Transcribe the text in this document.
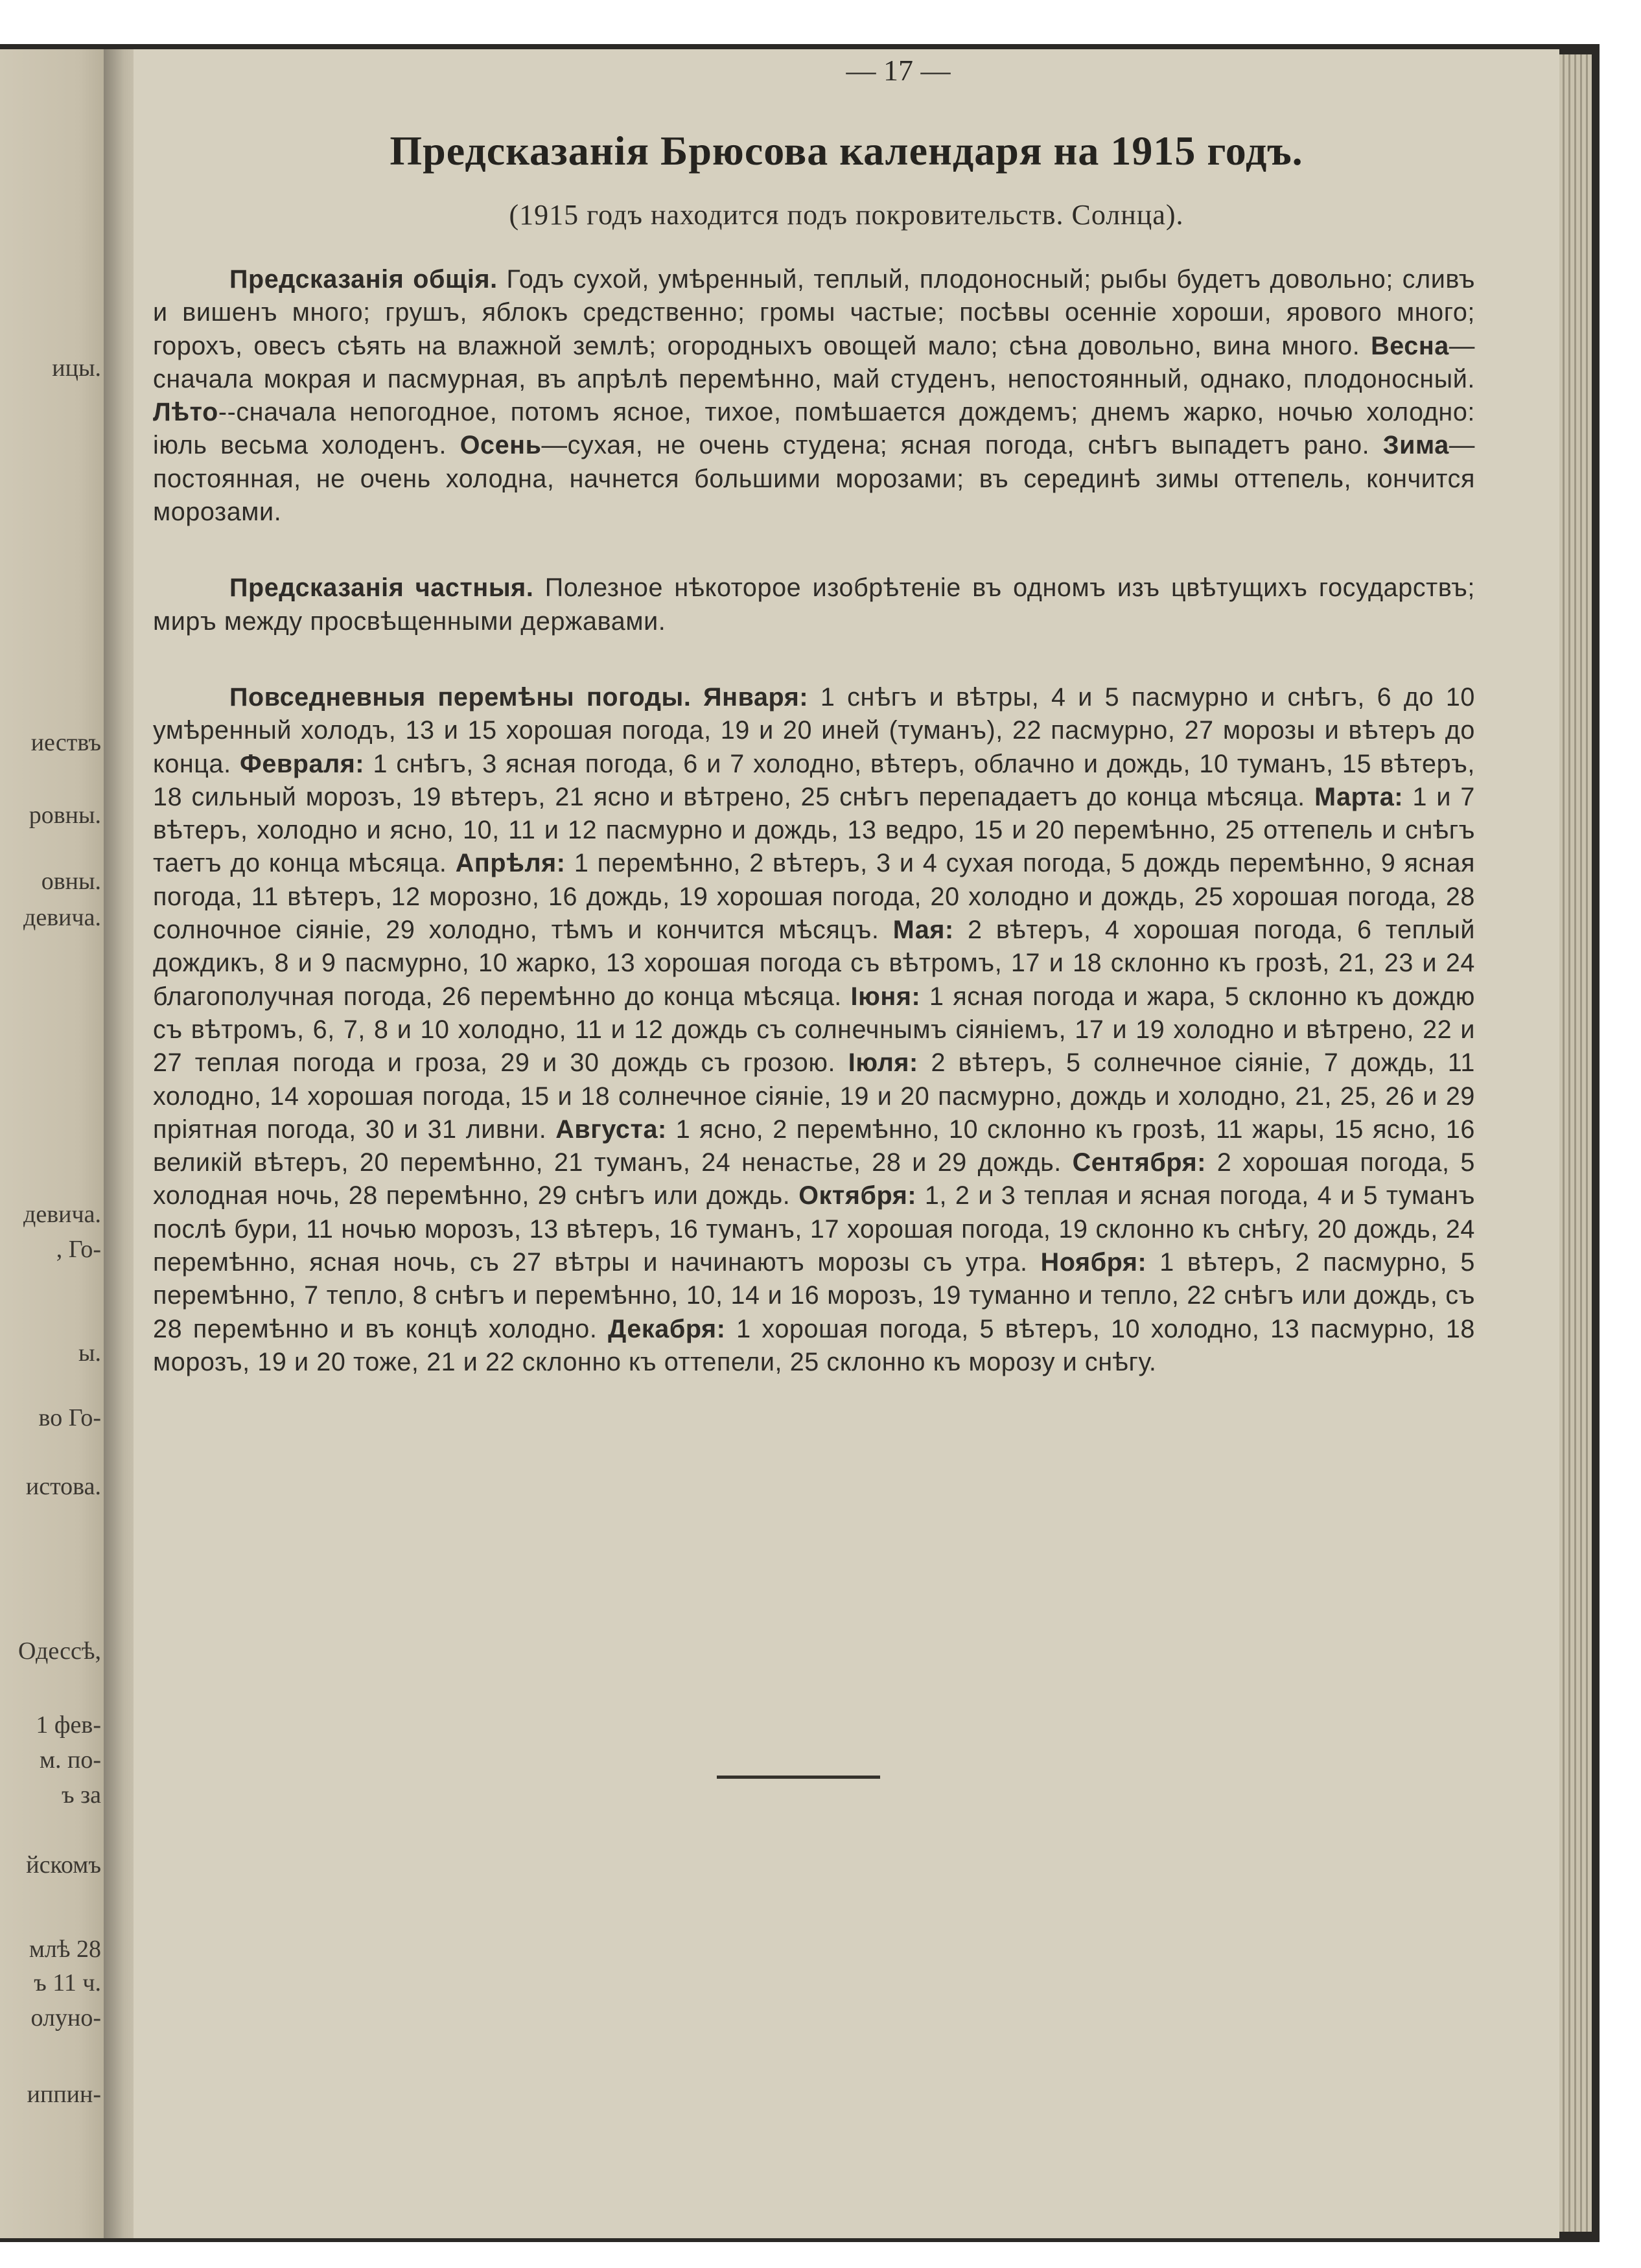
ицы.
иествъ
ровны.
овны.
девича.
девича.
, Го-
ы.
во Го-
истова.
Одессѣ,
1 фев-
м. по-
ъ за
йскомъ
млѣ 28
ъ 11 ч.
олуно-
иппин-
— 17 —
Предсказанія Брюсова календаря на 1915 годъ.
(1915 годъ находится подъ покровительств. Солнца).

Предсказанія общія. Годъ сухой, умѣренный, теплый, плодоносный; рыбы будетъ довольно; сливъ и вишенъ много; грушъ, яблокъ средственно; громы частые; посѣвы осенніе хороши, ярового много; горохъ, овесъ сѣять на влажной землѣ; огородныхъ овощей мало; сѣна довольно, вина много. Весна—сначала мокрая и пасмурная, въ апрѣлѣ перемѣнно, май студенъ, непостоянный, однако, плодоносный. Лѣто--сначала непогодное, потомъ ясное, тихое, помѣшается дождемъ; днемъ жарко, ночью холодно: іюль весьма холоденъ. Осень—сухая, не очень студена; ясная погода, снѣгъ выпадетъ рано. Зима—постоянная, не очень холодна, начнется большими морозами; въ серединѣ зимы оттепель, кончится морозами.

Предсказанія частныя. Полезное нѣкоторое изобрѣтеніе въ одномъ изъ цвѣтущихъ государствъ; миръ между просвѣщенными державами.

Повседневныя перемѣны погоды. Января: 1 снѣгъ и вѣтры, 4 и 5 пасмурно и снѣгъ, 6 до 10 умѣренный холодъ, 13 и 15 хорошая погода, 19 и 20 иней (туманъ), 22 пасмурно, 27 морозы и вѣтеръ до конца. Февраля: 1 снѣгъ, 3 ясная погода, 6 и 7 холодно, вѣтеръ, облачно и дождь, 10 туманъ, 15 вѣтеръ, 18 сильный морозъ, 19 вѣтеръ, 21 ясно и вѣтрено, 25 снѣгъ перепадаетъ до конца мѣсяца. Марта: 1 и 7 вѣтеръ, холодно и ясно, 10, 11 и 12 пасмурно и дождь, 13 ведро, 15 и 20 перемѣнно, 25 оттепель и снѣгъ таетъ до конца мѣсяца. Апрѣля: 1 перемѣнно, 2 вѣтеръ, 3 и 4 сухая погода, 5 дождь перемѣнно, 9 ясная погода, 11 вѣтеръ, 12 морозно, 16 дождь, 19 хорошая погода, 20 холодно и дождь, 25 хорошая погода, 28 солночное сіяніе, 29 холодно, тѣмъ и кончится мѣсяцъ. Мая: 2 вѣтеръ, 4 хорошая погода, 6 теплый дождикъ, 8 и 9 пасмурно, 10 жарко, 13 хорошая погода съ вѣтромъ, 17 и 18 склонно къ грозѣ, 21, 23 и 24 благополучная погода, 26 перемѣнно до конца мѣсяца. Іюня: 1 ясная погода и жара, 5 склонно къ дождю съ вѣтромъ, 6, 7, 8 и 10 холодно, 11 и 12 дождь съ солнечнымъ сіяніемъ, 17 и 19 холодно и вѣтрено, 22 и 27 теплая погода и гроза, 29 и 30 дождь съ грозою. Іюля: 2 вѣтеръ, 5 солнечное сіяніе, 7 дождь, 11 холодно, 14 хорошая погода, 15 и 18 солнечное сіяніе, 19 и 20 пасмурно, дождь и холодно, 21, 25, 26 и 29 пріятная погода, 30 и 31 ливни. Августа: 1 ясно, 2 перемѣнно, 10 склонно къ грозѣ, 11 жары, 15 ясно, 16 великій вѣтеръ, 20 перемѣнно, 21 туманъ, 24 ненастье, 28 и 29 дождь. Сентября: 2 хорошая погода, 5 холодная ночь, 28 перемѣнно, 29 снѣгъ или дождь. Октября: 1, 2 и 3 теплая и ясная погода, 4 и 5 туманъ послѣ бури, 11 ночью морозъ, 13 вѣтеръ, 16 туманъ, 17 хорошая погода, 19 склонно къ снѣгу, 20 дождь, 24 перемѣнно, ясная ночь, съ 27 вѣтры и начинаютъ морозы съ утра. Ноября: 1 вѣтеръ, 2 пасмурно, 5 перемѣнно, 7 тепло, 8 снѣгъ и перемѣнно, 10, 14 и 16 морозъ, 19 туманно и тепло, 22 снѣгъ или дождь, съ 28 перемѣнно и въ концѣ холодно. Декабря: 1 хорошая погода, 5 вѣтеръ, 10 холодно, 13 пасмурно, 18 морозъ, 19 и 20 тоже, 21 и 22 склонно къ оттепели, 25 склонно къ морозу и снѣгу.
